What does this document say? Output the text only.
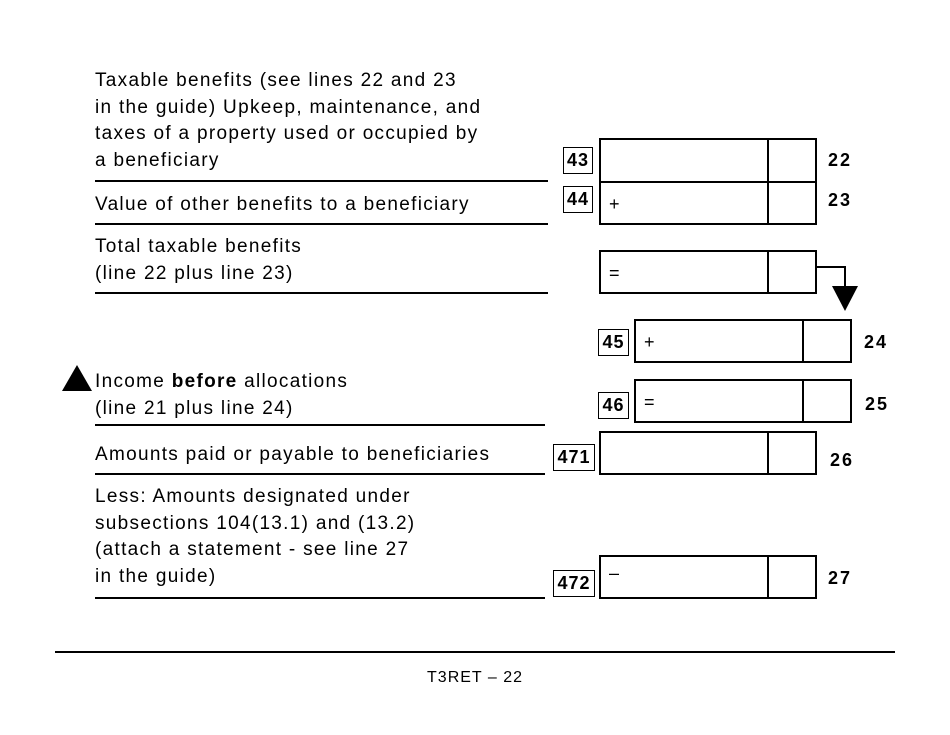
Taxable benefits (see lines 22 and 23
in the guide) Upkeep, maintenance, and
taxes of a property used or occupied by
a beneficiary	43	22
Value of other benefits to a beneficiary	44 +	23
Total taxable benefits
(line 22 plus line 23)	=
45 +	24
Income before allocations
(line 21 plus line 24)	46 =	25
Amounts paid or payable to beneficiaries	471	26
Less: Amounts designated under
subsections 104(13.1) and (13.2)
(attach a statement - see line 27
in the guide)	472 –	27
T3RET – 22
